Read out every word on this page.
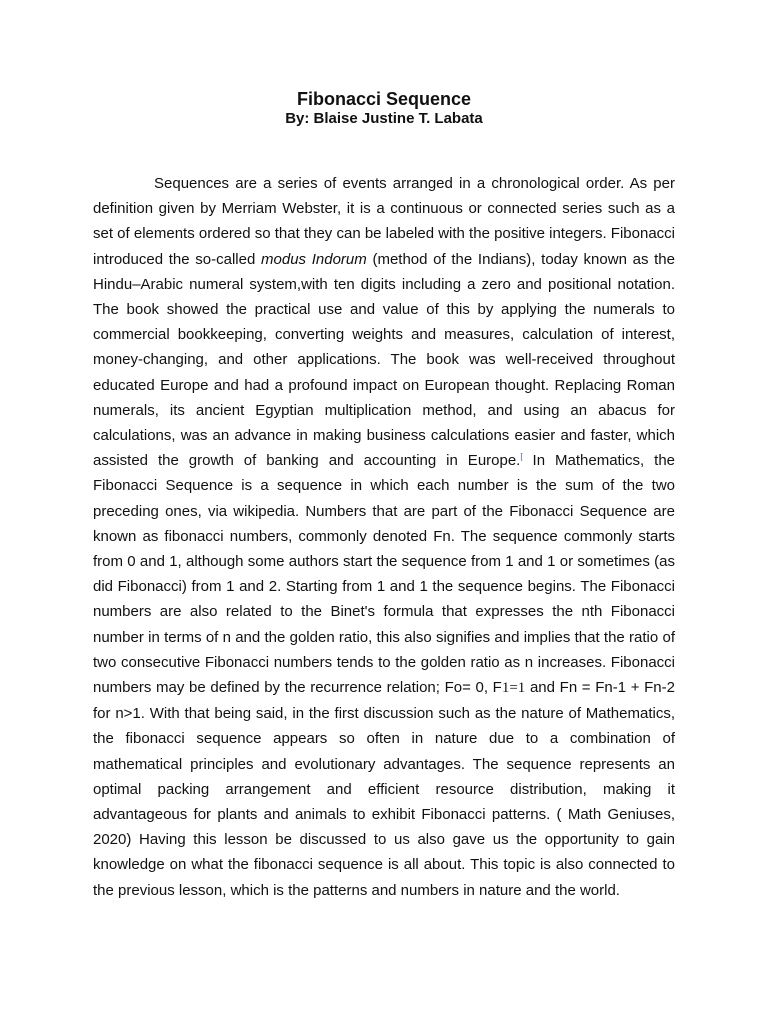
Fibonacci Sequence
By: Blaise Justine T. Labata

Sequences are a series of events arranged in a chronological order. As per definition given by Merriam Webster, it is a continuous or connected series such as a set of elements ordered so that they can be labeled with the positive integers. Fibonacci introduced the so-called modus Indorum (method of the Indians), today known as the Hindu–Arabic numeral system,with ten digits including a zero and positional notation. The book showed the practical use and value of this by applying the numerals to commercial bookkeeping, converting weights and measures, calculation of interest, money-changing, and other applications. The book was well-received throughout educated Europe and had a profound impact on European thought. Replacing Roman numerals, its ancient Egyptian multiplication method, and using an abacus for calculations, was an advance in making business calculations easier and faster, which assisted the growth of banking and accounting in Europe.[ In Mathematics, the Fibonacci Sequence is a sequence in which each number is the sum of the two preceding ones, via wikipedia. Numbers that are part of the Fibonacci Sequence are known as fibonacci numbers, commonly denoted Fn. The sequence commonly starts from 0 and 1, although some authors start the sequence from 1 and 1 or sometimes (as did Fibonacci) from 1 and 2. Starting from 1 and 1 the sequence begins. The Fibonacci numbers are also related to the Binet's formula that expresses the nth Fibonacci number in terms of n and the golden ratio, this also signifies and implies that the ratio of two consecutive Fibonacci numbers tends to the golden ratio as n increases. Fibonacci numbers may be defined by the recurrence relation; Fo= 0, F1=1 and Fn = Fn-1 + Fn-2 for n>1. With that being said, in the first discussion such as the nature of Mathematics, the fibonacci sequence appears so often in nature due to a combination of mathematical principles and evolutionary advantages. The sequence represents an optimal packing arrangement and efficient resource distribution, making it advantageous for plants and animals to exhibit Fibonacci patterns. ( Math Geniuses, 2020) Having this lesson be discussed to us also gave us the opportunity to gain knowledge on what the fibonacci sequence is all about. This topic is also connected to the previous lesson, which is the patterns and numbers in nature and the world.
